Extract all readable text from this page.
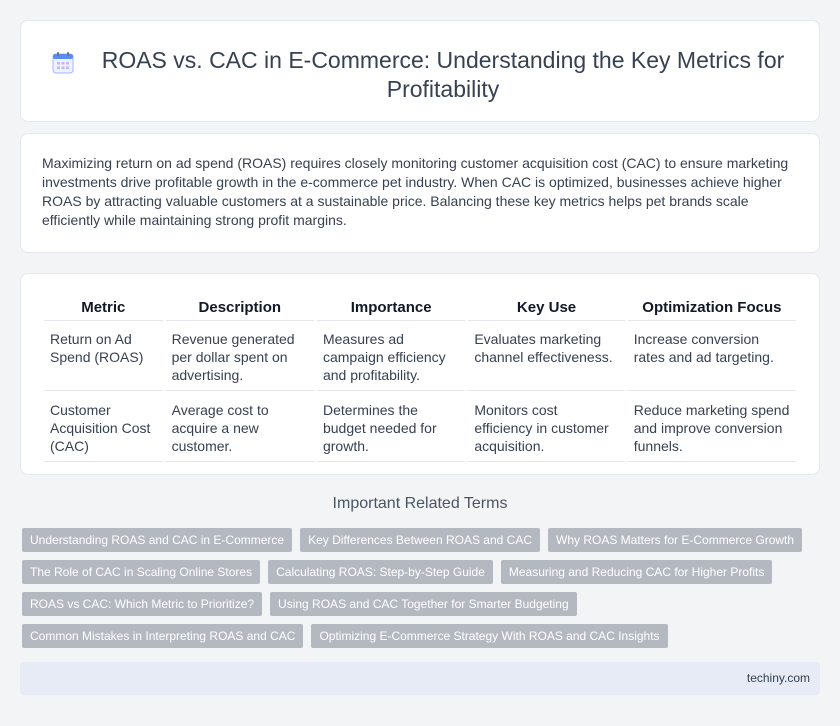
ROAS vs. CAC in E-Commerce: Understanding the Key Metrics for Profitability

Maximizing return on ad spend (ROAS) requires closely monitoring customer acquisition cost (CAC) to ensure marketing investments drive profitable growth in the e-commerce pet industry. When CAC is optimized, businesses achieve higher ROAS by attracting valuable customers at a sustainable price. Balancing these key metrics helps pet brands scale efficiently while maintaining strong profit margins.

Metric	Description	Importance	Key Use	Optimization Focus
Return on Ad Spend (ROAS)	Revenue generated per dollar spent on advertising.	Measures ad campaign efficiency and profitability.	Evaluates marketing channel effectiveness.	Increase conversion rates and ad targeting.
Customer Acquisition Cost (CAC)	Average cost to acquire a new customer.	Determines the budget needed for growth.	Monitors cost efficiency in customer acquisition.	Reduce marketing spend and improve conversion funnels.
Important Related Terms
Understanding ROAS and CAC in E-Commerce	Key Differences Between ROAS and CAC	Why ROAS Matters for E-Commerce Growth
The Role of CAC in Scaling Online Stores	Calculating ROAS: Step-by-Step Guide	Measuring and Reducing CAC for Higher Profits
ROAS vs CAC: Which Metric to Prioritize?	Using ROAS and CAC Together for Smarter Budgeting
Common Mistakes in Interpreting ROAS and CAC	Optimizing E-Commerce Strategy With ROAS and CAC Insights
techiny.com
